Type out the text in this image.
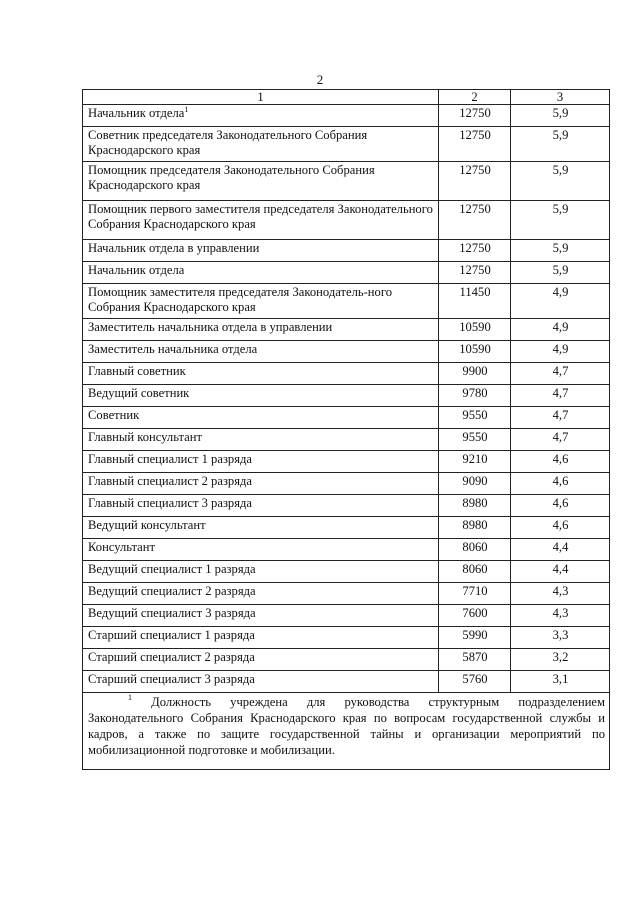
2
1	2	3
Начальник отдела$^1$	12750	5,9
Советник председателя Законодательного Собрания Краснодарского края	12750	5,9
Помощник председателя Законодательного Собрания Краснодарского края	12750	5,9
Помощник первого заместителя председателя Законодательного Собрания Краснодарского края	12750	5,9
Начальник отдела в управлении	12750	5,9
Начальник отдела	12750	5,9
Помощник заместителя председателя Законодатель-ного Собрания Краснодарского края	11450	4,9
Заместитель начальника отдела в управлении	10590	4,9
Заместитель начальника отдела	10590	4,9
Главный советник	9900	4,7
Ведущий советник	9780	4,7
Советник	9550	4,7
Главный консультант	9550	4,7
Главный специалист 1 разряда	9210	4,6
Главный специалист 2 разряда	9090	4,6
Главный специалист 3 разряда	8980	4,6
Ведущий консультант	8980	4,6
Консультант	8060	4,4
Ведущий специалист 1 разряда	8060	4,4
Ведущий специалист 2 разряда	7710	4,3
Ведущий специалист 3 разряда	7600	4,3
Старший специалист 1 разряда	5990	3,3
Старший специалист 2 разряда	5870	3,2
Старший специалист 3 разряда	5760	3,1
$^1$ Должность учреждена для руководства структурным подразделением Законодательного Собрания Краснодарского края по вопросам государственной службы и кадров, а также по защите государственной тайны и организации мероприятий по мобилизационной подготовке и мобилизации.		
